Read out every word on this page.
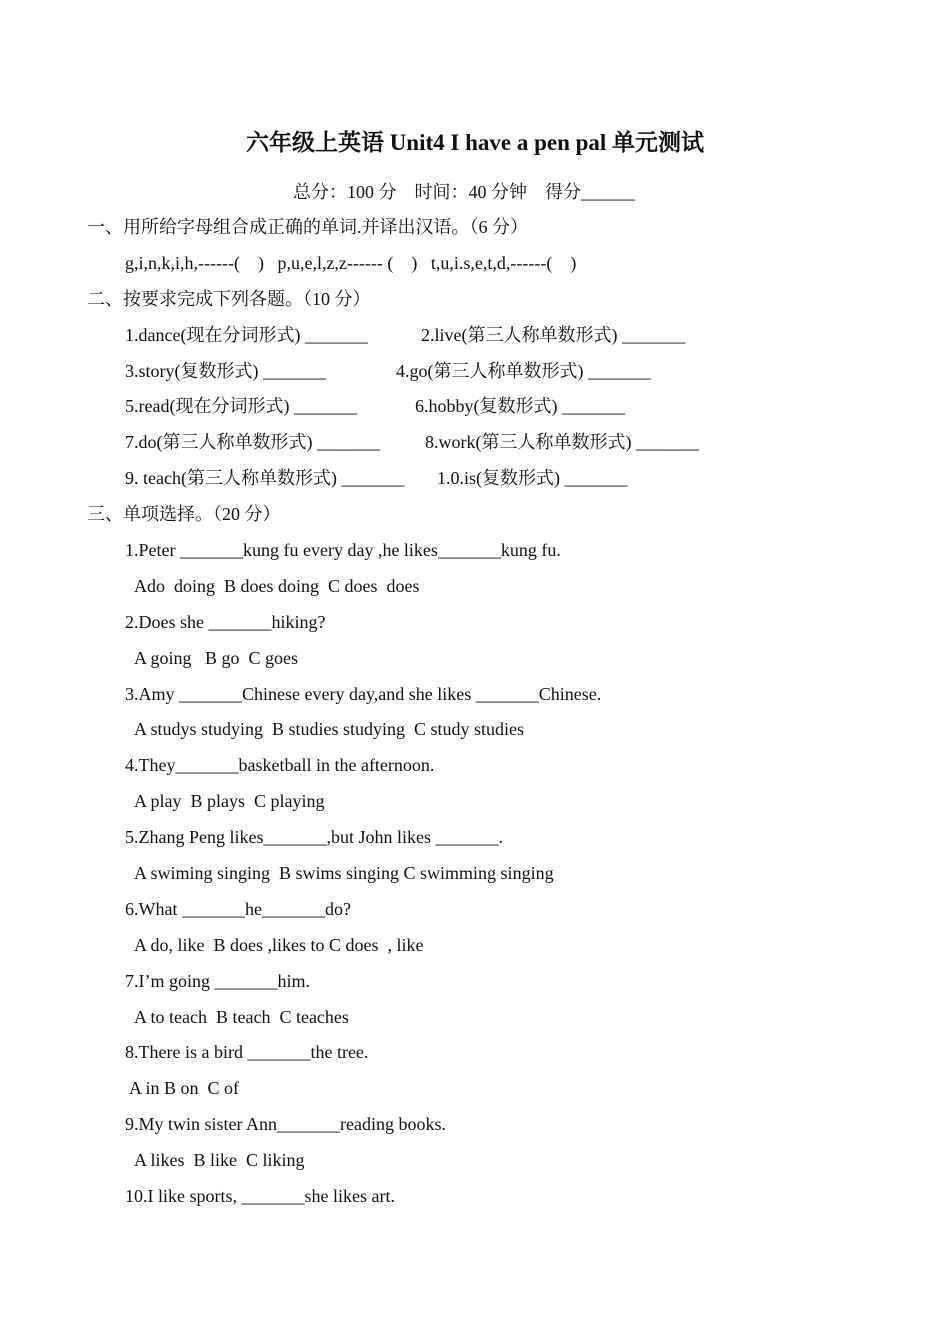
六年级上英语 Unit4 I have a pen pal 单元测试
总分：100 分　时间：40 分钟　得分______
一、用所给字母组合成正确的单词.并译出汉语。（6 分）
g,i,n,k,i,h,------(    )   p,u,e,l,z,z------ (    )   t,u,i.s,e,t,d,------(    )
二、按要求完成下列各题。（10 分）
1.dance(现在分词形式) _______	2.live(第三人称单数形式) _______
3.story(复数形式) _______	4.go(第三人称单数形式) _______
5.read(现在分词形式) _______	6.hobby(复数形式) _______
7.do(第三人称单数形式) _______	8.work(第三人称单数形式) _______
9. teach(第三人称单数形式) _______ 1.0.is(复数形式) _______
三、单项选择。（20 分）
1.Peter _______kung fu every day ,he likes_______kung fu.
Ado  doing  B does doing  C does  does
2.Does she _______hiking?
A going   B go  C goes
3.Amy _______Chinese every day,and she likes _______Chinese.
A studys studying  B studies studying  C study studies
4.They_______basketball in the afternoon.
A play  B plays  C playing
5.Zhang Peng likes_______,but John likes _______.
A swiming singing  B swims singing C swimming singing
6.What _______he_______do?
A do, like  B does ,likes to C does  , like
7.I’m going _______him.
A to teach  B teach  C teaches
8.There is a bird _______the tree.
A in B on  C of
9.My twin sister Ann_______reading books.
A likes  B like  C liking
10.I like sports, _______she likes art.
